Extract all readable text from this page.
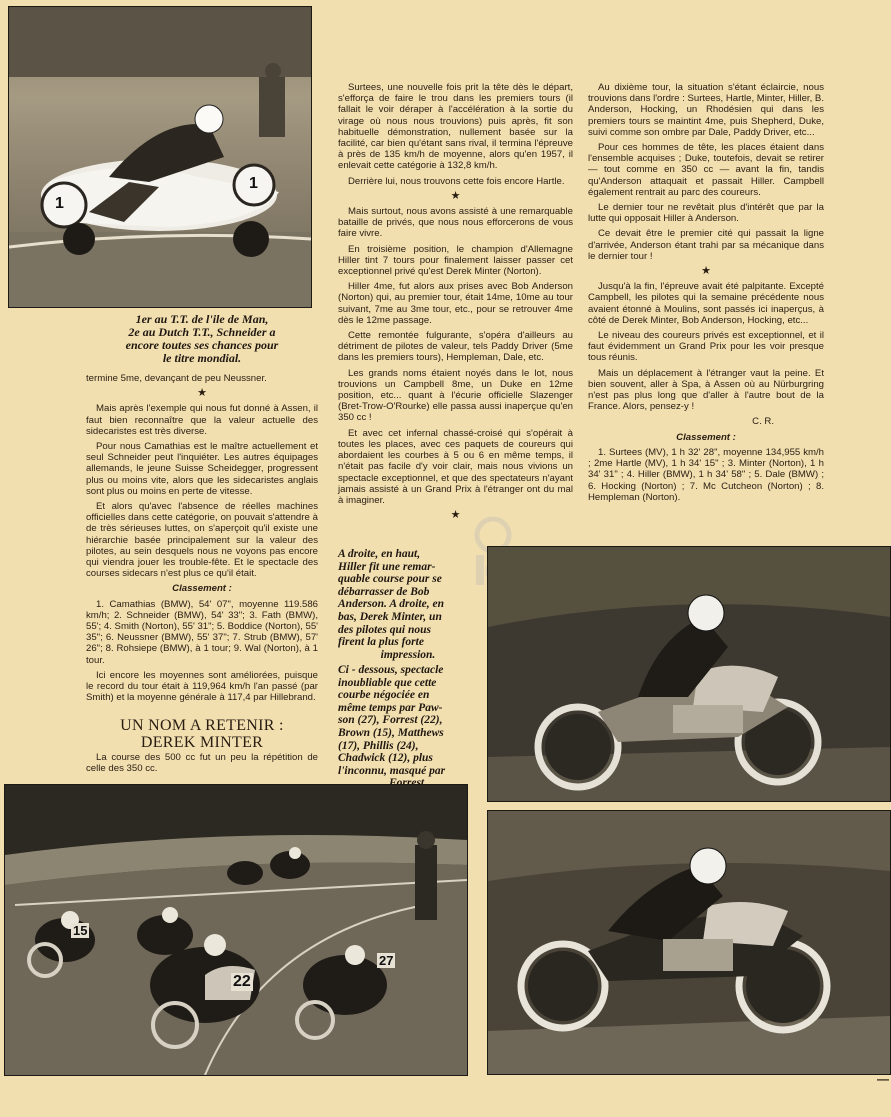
1
1
1er au T.T. de l'ile de Man,
2e au Dutch T.T., Schneider a
encore toutes ses chances pour
le titre mondial.

termine 5me, devançant de peu Neussner.

★

Mais après l'exemple qui nous fut donné à Assen, il faut bien reconnaître que la valeur actuelle des sidecaristes est très diverse.

Pour nous Camathias est le maître actuellement et seul Schneider peut l'inquiéter. Les autres équipages allemands, le jeune Suisse Scheidegger, progressent plus ou moins vite, alors que les sidecaristes anglais sont plus ou moins en perte de vitesse.

Et alors qu'avec l'absence de réelles machines officielles dans cette catégorie, on pouvait s'attendre à de très sérieuses luttes, on s'aperçoit qu'il existe une hiérarchie basée principalement sur la valeur des pilotes, au sein desquels nous ne voyons pas encore qui viendra jouer les trouble-fête. Et le spectacle des courses sidecars n'est plus ce qu'il était.

Classement :

1. Camathias (BMW), 54' 07", moyenne 119.586 km/h; 2. Schneider (BMW), 54' 33"; 3. Fath (BMW), 55'; 4. Smith (Norton), 55' 31"; 5. Boddice (Norton), 55' 35"; 6. Neussner (BMW), 55' 37"; 7. Strub (BMW), 57' 26"; 8. Rohsiepe (BMW), à 1 tour; 9. Wal (Norton), à 1 tour.

Ici encore les moyennes sont améliorées, puisque le record du tour était à 119,964 km/h l'an passé (par Smith) et la moyenne générale à 117,4 par Hillebrand.

UN NOM A RETENIR :
DEREK MINTER

La course des 500 cc fut un peu la répétition de celle des 350 cc.

Surtees, une nouvelle fois prit la tête dès le départ, s'efforça de faire le trou dans les premiers tours (il fallait le voir déraper à l'accélération à la sortie du virage où nous nous trouvions) puis après, fit son habituelle démonstration, nullement basée sur la facilité, car bien qu'étant sans rival, il termina l'épreuve à près de 135 km/h de moyenne, alors qu'en 1957, il enlevait cette catégorie à 132,8 km/h.

Derrière lui, nous trouvons cette fois encore Hartle.

★

Mais surtout, nous avons assisté à une remarquable bataille de privés, que nous nous efforcerons de vous faire vivre.

En troisième position, le champion d'Allemagne Hiller tint 7 tours pour finalement laisser passer cet exceptionnel privé qu'est Derek Minter (Norton).

Hiller 4me, fut alors aux prises avec Bob Anderson (Norton) qui, au premier tour, était 14me, 10me au tour suivant, 7me au 3me tour, etc., pour se retrouver 4me dès le 12me passage.

Cette remontée fulgurante, s'opéra d'ailleurs au détriment de pilotes de valeur, tels Paddy Driver (5me dans les premiers tours), Hempleman, Dale, etc.

Les grands noms étaient noyés dans le lot, nous trouvions un Campbell 8me, un Duke en 12me position, etc... quant à l'écurie officielle Slazenger (Bret-Trow-O'Rourke) elle passa aussi inaperçue qu'en 350 cc !

Et avec cet infernal chassé-croisé qui s'opérait à toutes les places, avec ces paquets de coureurs qui abordaient les courbes à 5 ou 6 en même temps, il n'était pas facile d'y voir clair, mais nous vivions un spectacle exceptionnel, et que des spectateurs n'ayant jamais assisté à un Grand Prix à l'étranger ont du mal à imaginer.

★

Au dixième tour, la situation s'étant éclaircie, nous trouvions dans l'ordre : Surtees, Hartle, Minter, Hiller, B. Anderson, Hocking, un Rhodésien qui dans les premiers tours se maintint 4me, puis Shepherd, Duke, suivi comme son ombre par Dale, Paddy Driver, etc...

Pour ces hommes de tête, les places étaient dans l'ensemble acquises ; Duke, toutefois, devait se retirer — tout comme en 350 cc — avant la fin, tandis qu'Anderson attaquait et passait Hiller. Campbell également rentrait au parc des coureurs.

Le dernier tour ne revêtait plus d'intérêt que par la lutte qui opposait Hiller à Anderson.

Ce devait être le premier cité qui passait la ligne d'arrivée, Anderson étant trahi par sa mécanique dans le dernier tour !

★

Jusqu'à la fin, l'épreuve avait été palpitante. Excepté Campbell, les pilotes qui la semaine précédente nous avaient étonné à Moulins, sont passés ici inaperçus, à côté de Derek Minter, Bob Anderson, Hocking, etc...

Le niveau des coureurs privés est exceptionnel, et il faut évidemment un Grand Prix pour les voir presque tous réunis.

Mais un déplacement à l'étranger vaut la peine. Et bien souvent, aller à Spa, à Assen où au Nürburgring n'est pas plus long que d'aller à l'autre bout de la France. Alors, pensez-y !

C. R.

Classement :

1. Surtees (MV), 1 h 32' 28", moyenne 134,955 km/h ; 2me Hartle (MV), 1 h 34' 15" ; 3. Minter (Norton), 1 h 34' 31" ; 4. Hiller (BMW), 1 h 34' 58" ; 5. Dale (BMW) ; 6. Hocking (Norton) ; 7. Mc Cutcheon (Norton) ; 8. Hempleman (Norton).

A droite, en haut,
Hiller fit une remar-
quable course pour se
débarrasser de Bob
Anderson. A droite, en
bas, Derek Minter, un
des pilotes qui nous
firent la plus forte
impression.
Ci - dessous, spectacle
inoubliable que cette
courbe négociée en
même temps par Paw-
son (27), Forrest (22),
Brown (15), Matthews
(17), Phillis (24),
Chadwick (12), plus
l'inconnu, masqué par
15
22
27
—
